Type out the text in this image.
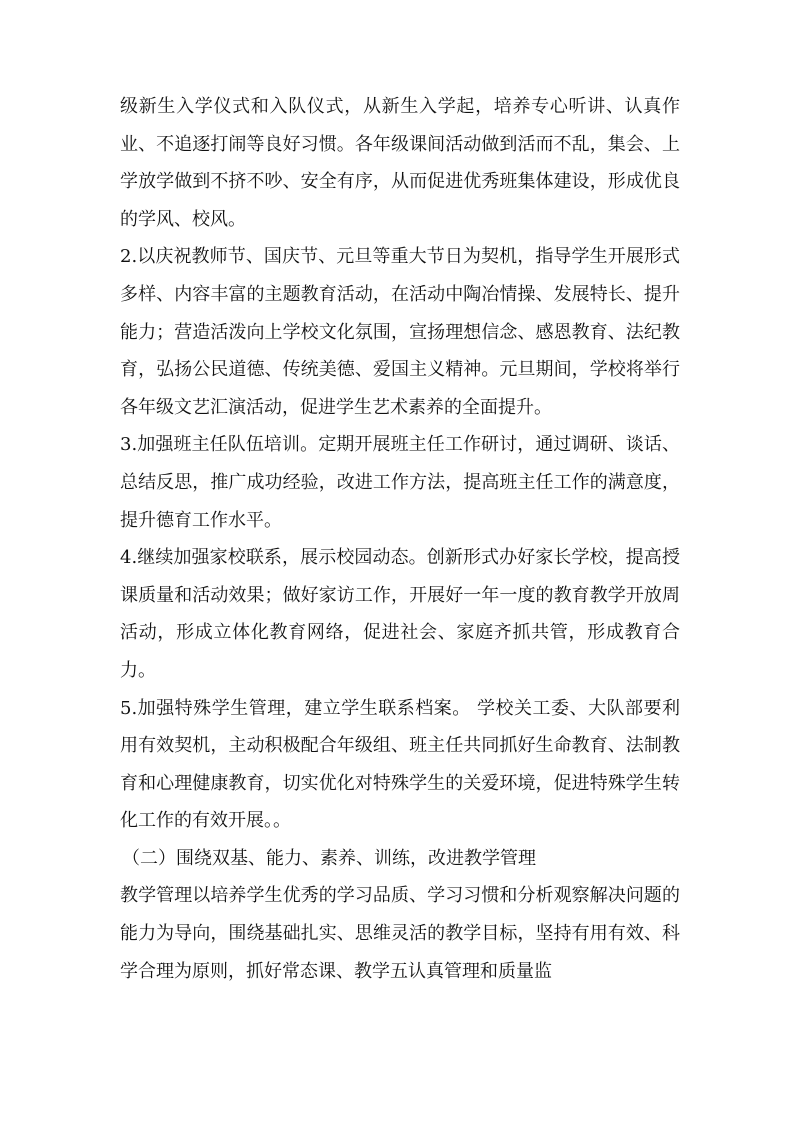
级新生入学仪式和入队仪式，从新生入学起，培养专心听讲、认真作业、不追逐打闹等良好习惯。各年级课间活动做到活而不乱，集会、上学放学做到不挤不吵、安全有序，从而促进优秀班集体建设，形成优良的学风、校风。

2.以庆祝教师节、国庆节、元旦等重大节日为契机，指导学生开展形式多样、内容丰富的主题教育活动，在活动中陶冶情操、发展特长、提升能力；营造活泼向上学校文化氛围，宣扬理想信念、感恩教育、法纪教育，弘扬公民道德、传统美德、爱国主义精神。元旦期间，学校将举行各年级文艺汇演活动，促进学生艺术素养的全面提升。

3.加强班主任队伍培训。定期开展班主任工作研讨，通过调研、谈话、总结反思，推广成功经验，改进工作方法，提高班主任工作的满意度，提升德育工作水平。

4.继续加强家校联系，展示校园动态。创新形式办好家长学校，提高授课质量和活动效果；做好家访工作，开展好一年一度的教育教学开放周活动，形成立体化教育网络，促进社会、家庭齐抓共管，形成教育合力。

5.加强特殊学生管理，建立学生联系档案。 学校关工委、大队部要利用有效契机，主动积极配合年级组、班主任共同抓好生命教育、法制教育和心理健康教育，切实优化对特殊学生的关爱环境，促进特殊学生转化工作的有效开展。。

（二）围绕双基、能力、素养、训练，改进教学管理

教学管理以培养学生优秀的学习品质、学习习惯和分析观察解决问题的能力为导向，围绕基础扎实、思维灵活的教学目标，坚持有用有效、科学合理为原则，抓好常态课、教学五认真管理和质量监
